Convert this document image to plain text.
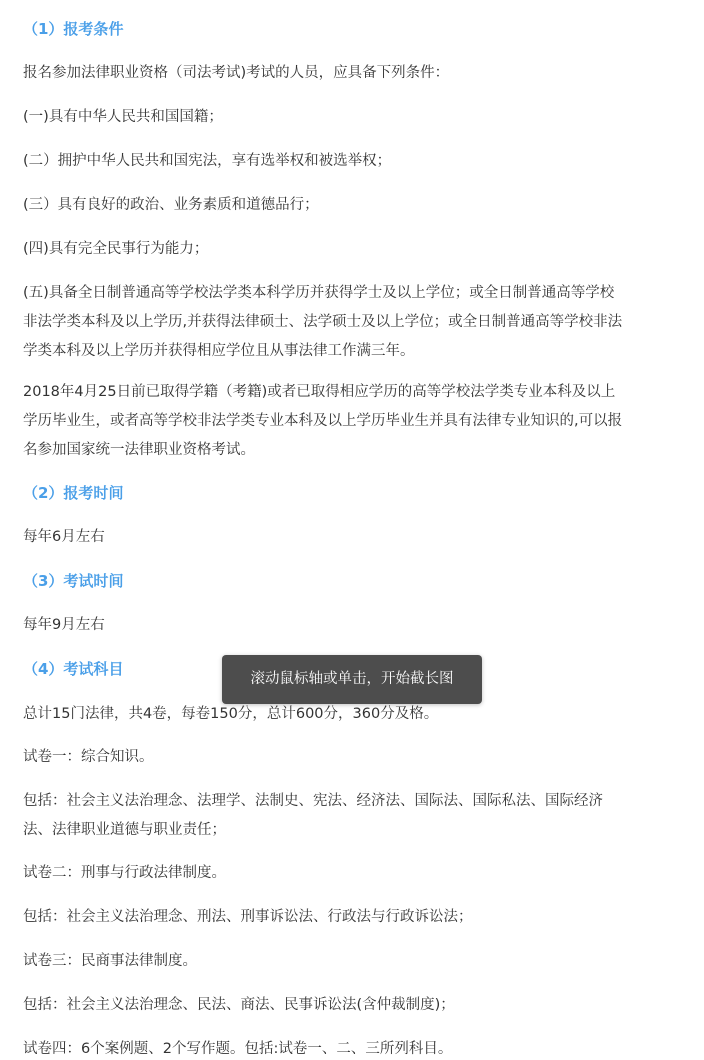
（1）报考条件

报名参加法律职业资格（司法考试)考试的人员，应具备下列条件：

(一)具有中华人民共和国国籍；

(二）拥护中华人民共和国宪法，享有选举权和被选举权；

(三）具有良好的政治、业务素质和道德品行；

(四)具有完全民事行为能力；

(五)具备全日制普通高等学校法学类本科学历并获得学士及以上学位；或全日制普通高等学校

非法学类本科及以上学历,并获得法律硕士、法学硕士及以上学位；或全日制普通高等学校非法

学类本科及以上学历并获得相应学位且从事法律工作满三年。

2018年4月25日前已取得学籍（考籍)或者已取得相应学历的高等学校法学类专业本科及以上

学历毕业生，或者高等学校非法学类专业本科及以上学历毕业生并具有法律专业知识的,可以报

名参加国家统一法律职业资格考试。

（2）报考时间

每年6月左右

（3）考试时间

每年9月左右

（4）考试科目

总计15门法律，共4卷，每卷150分，总计600分，360分及格。

试卷一：综合知识。

包括：社会主义法治理念、法理学、法制史、宪法、经济法、国际法、国际私法、国际经济

法、法律职业道德与职业责任；

试卷二：刑事与行政法律制度。

包括：社会主义法治理念、刑法、刑事诉讼法、行政法与行政诉讼法；

试卷三：民商事法律制度。

包括：社会主义法治理念、民法、商法、民事诉讼法(含仲裁制度)；

试卷四：6个案例题、2个写作题。包括:试卷一、二、三所列科目。

滚动鼠标轴或单击，开始截长图
